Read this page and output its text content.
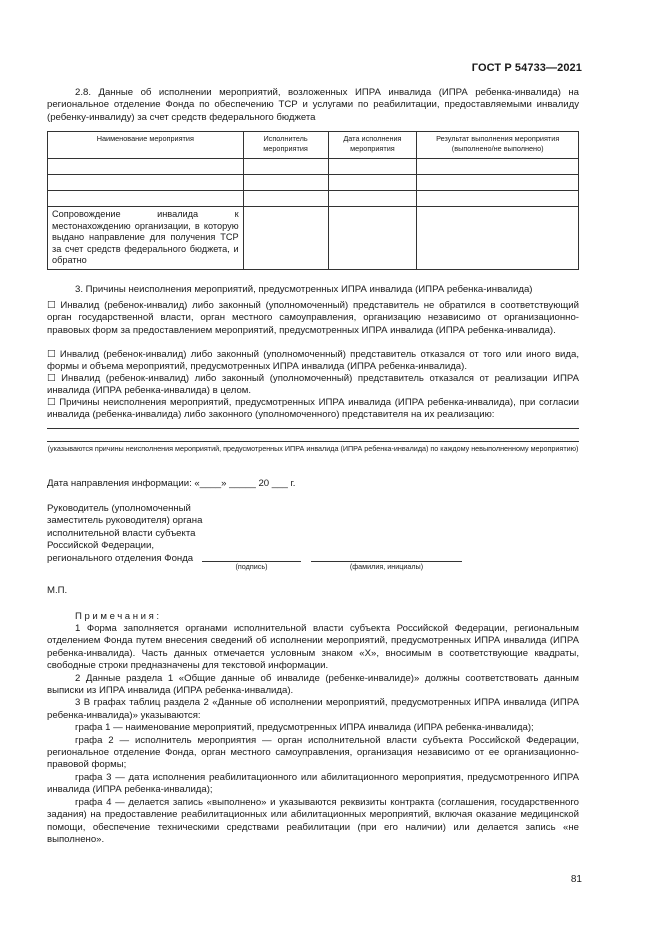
ГОСТ Р 54733—2021

2.8. Данные об исполнении мероприятий, возложенных ИПРА инвалида (ИПРА ребенка-инвалида) на региональное отделение Фонда по обеспечению ТСР и услугами по реабилитации, предоставляемыми инвалиду (ребенку-инвалиду) за счет средств федерального бюджета

Наименование мероприятия	Исполнитель мероприятия	Дата исполнения мероприятия	Результат выполнения мероприятия (выполнено/не выполнено)

Сопровождение инвалида к местонахождению организации, в которую выдано направление для получения ТСР за счет средств федерального бюджета, и обратно			

3. Причины неисполнения мероприятий, предусмотренных ИПРА инвалида (ИПРА ребенка-инвалида)

☐ Инвалид (ребенок-инвалид) либо законный (уполномоченный) представитель не обратился в соответствующий орган государственной власти, орган местного самоуправления, организацию независимо от организационно-правовых форм за предоставлением мероприятий, предусмотренных ИПРА инвалида (ИПРА ребенка-инвалида).

☐ Инвалид (ребенок-инвалид) либо законный (уполномоченный) представитель отказался от того или иного вида, формы и объема мероприятий, предусмотренных ИПРА инвалида (ИПРА ребенка-инвалида).

☐ Инвалид (ребенок-инвалид) либо законный (уполномоченный) представитель отказался от реализации ИПРА инвалида (ИПРА ребенка-инвалида) в целом.

☐ Причины неисполнения мероприятий, предусмотренных ИПРА инвалида (ИПРА ребенка-инвалида), при согласии инвалида (ребенка-инвалида) либо законного (уполномоченного) представителя на их реализацию:

(указываются причины неисполнения мероприятий, предусмотренных ИПРА инвалида (ИПРА ребенка-инвалида) по каждому невыполненному мероприятию)

Дата направления информации: «____» _____ 20 ___ г.

Руководитель (уполномоченный

заместитель руководителя) органа

исполнительной власти субъекта

Российской Федерации,

регионального отделения Фонда

(подпись)	(фамилия, инициалы)

М.П.

Примечания:

1 Форма заполняется органами исполнительной власти субъекта Российской Федерации, региональным отделением Фонда путем внесения сведений об исполнении мероприятий, предусмотренных ИПРА инвалида (ИПРА ребенка-инвалида). Часть данных отмечается условным знаком «X», вносимым в соответствующие квадраты, свободные строки предназначены для текстовой информации.

2 Данные раздела 1 «Общие данные об инвалиде (ребенке-инвалиде)» должны соответствовать данным выписки из ИПРА инвалида (ИПРА ребенка-инвалида).

3 В графах таблиц раздела 2 «Данные об исполнении мероприятий, предусмотренных ИПРА инвалида (ИПРА ребенка-инвалида)» указываются:

графа 1 — наименование мероприятий, предусмотренных ИПРА инвалида (ИПРА ребенка-инвалида);

графа 2 — исполнитель мероприятия — орган исполнительной власти субъекта Российской Федерации, региональное отделение Фонда, орган местного самоуправления, организация независимо от ее организационно-правовой формы;

графа 3 — дата исполнения реабилитационного или абилитационного мероприятия, предусмотренного ИПРА инвалида (ИПРА ребенка-инвалида);

графа 4 — делается запись «выполнено» и указываются реквизиты контракта (соглашения, государственного задания) на предоставление реабилитационных или абилитационных мероприятий, включая оказание медицинской помощи, обеспечение техническими средствами реабилитации (при его наличии) или делается запись «не выполнено».

81
